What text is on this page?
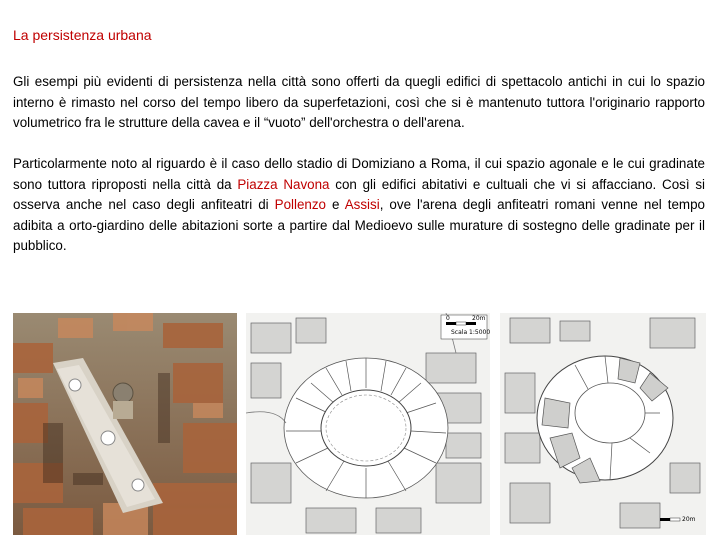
La persistenza urbana

Gli esempi più evidenti di persistenza nella città sono offerti da quegli edifici di spettacolo antichi in cui lo spazio interno è rimasto nel corso del tempo libero da superfetazioni, così che si è mantenuto tuttora l'originario rapporto volumetrico fra le strutture della cavea e il “vuoto” dell'orchestra o dell'arena.

Particolarmente noto al riguardo è il caso dello stadio di Domiziano a Roma, il cui spazio agonale e le cui gradinate sono tuttora riproposti nella città da Piazza Navona con gli edifici abitativi e cultuali che vi si affacciano. Così si osserva anche nel caso degli anfiteatri di Pollenzo e Assisi, ove l'arena degli anfiteatri romani venne nel tempo adibita a orto-giardino delle abitazioni sorte a partire dal Medioevo sulle murature di sostegno delle gradinate per il pubblico.

0	20m
Scala 1:5000
20m
